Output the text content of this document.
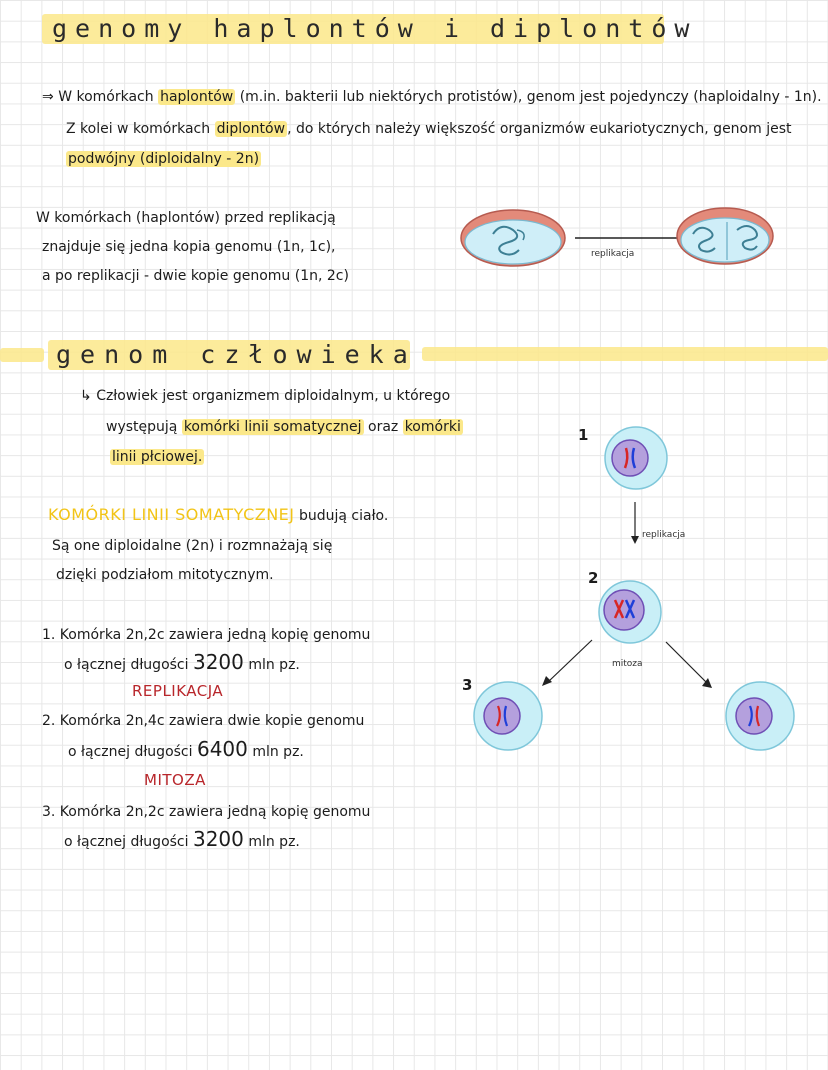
genomy haplontów i diplontów
⇒ W komórkach haplontów (m.in. bakterii lub niektórych protistów), genom jest pojedynczy (haploidalny - 1n).
Z kolei w komórkach diplontów , do których należy większość organizmów eukariotycznych, genom jest
podwójny (diploidalny - 2n)
W komórkach (haplontów) przed replikacją
znajduje się jedna kopia genomu (1n, 1c),
a po replikacji - dwie kopie genomu (1n, 2c)
replikacja
genom człowieka
↳ Człowiek jest organizmem diploidalnym, u którego
występują komórki linii somatycznej oraz komórki
linii płciowej.
KOMÓRKI LINII SOMATYCZNEJ budują ciało.
Są one diploidalne (2n) i rozmnażają się
dzięki podziałom mitotycznym.
1. Komórka 2n,2c zawiera jedną kopię genomu
o łącznej długości 3200 mln pz.
REPLIKACJA
2. Komórka 2n,4c zawiera dwie kopie genomu
o łącznej długości 6400 mln pz.
MITOZA
3. Komórka 2n,2c zawiera jedną kopię genomu
o łącznej długości 3200 mln pz.
1
replikacja
2
mitoza
3
